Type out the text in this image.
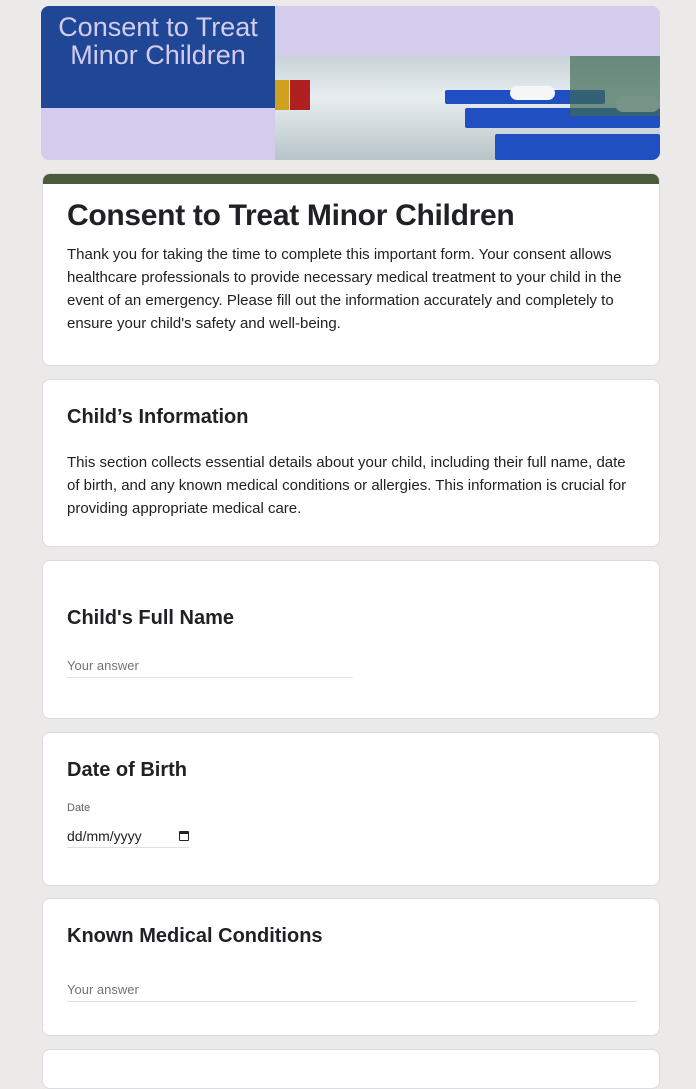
Consent to Treat Minor Children
Consent to Treat Minor Children

Thank you for taking the time to complete this important form. Your consent allows healthcare professionals to provide necessary medical treatment to your child in the event of an emergency. Please fill out the information accurately and completely to ensure your child's safety and well-being.

Child’s Information

This section collects essential details about your child, including their full name, date of birth, and any known medical conditions or allergies. This information is crucial for providing appropriate medical care.

Child's Full Name
Your answer
Date of Birth
Date
dd/mm/yyyy
Known Medical Conditions
Your answer
